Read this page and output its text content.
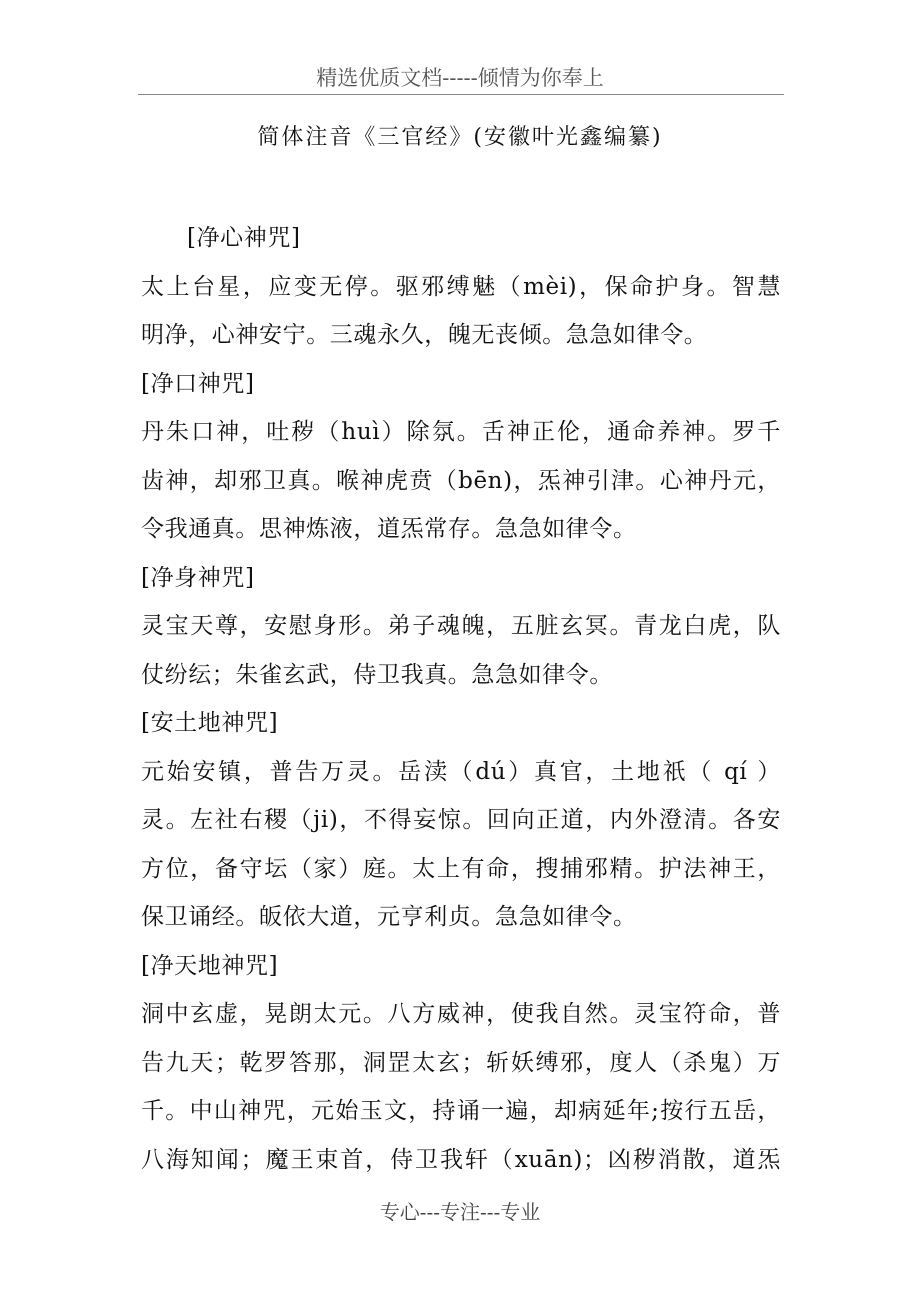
精选优质文档-----倾情为你奉上
简体注音《三官经》(安徽叶光鑫编纂)
[净心神咒]
太上台星，应变无停。驱邪缚魅（mèi)，保命护身。智慧
明净，心神安宁。三魂永久，魄无丧倾。急急如律令。
[净口神咒]
丹朱口神，吐秽（huì）除氛。舌神正伦，通命养神。罗千
齿神，却邪卫真。喉神虎贲（bēn)，炁神引津。心神丹元，
令我通真。思神炼液，道炁常存。急急如律令。
[净身神咒]
灵宝天尊，安慰身形。弟子魂魄，五脏玄冥。青龙白虎，队
仗纷纭；朱雀玄武，侍卫我真。急急如律令。
[安土地神咒]
元始安镇，普告万灵。岳渎（dú）真官，土地祇（ qí ）
灵。左社右稷（ji)，不得妄惊。回向正道，内外澄清。各安
方位，备守坛（家）庭。太上有命，搜捕邪精。护法神王，
保卫诵经。皈依大道，元亨利贞。急急如律令。
[净天地神咒]
洞中玄虚，晃朗太元。八方威神，使我自然。灵宝符命，普
告九天；乾罗答那，洞罡太玄；斩妖缚邪，度人（杀鬼）万
千。中山神咒，元始玉文，持诵一遍，却病延年;按行五岳，
八海知闻；魔王束首，侍卫我轩（xuān)；凶秽消散，道炁
专心---专注---专业
